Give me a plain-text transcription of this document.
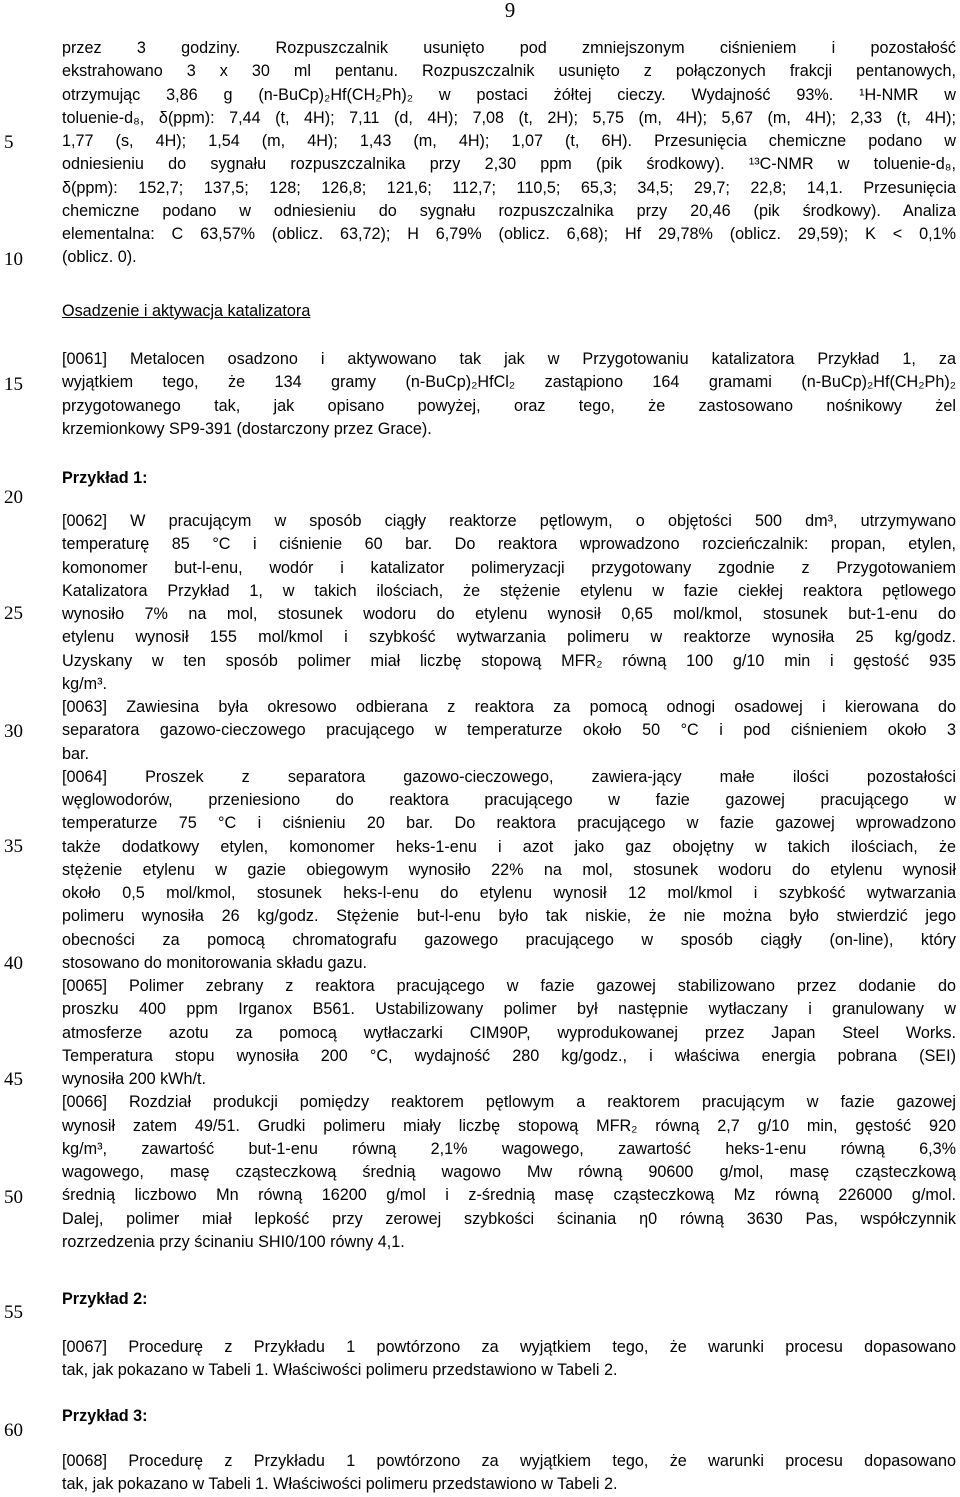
9
5
10
15
20
25
30
35
40
45
50
55
60
przez 3 godziny. Rozpuszczalnik usunięto pod zmniejszonym ciśnieniem i pozostałość
ekstrahowano 3 x 30 ml pentanu. Rozpuszczalnik usunięto z połączonych frakcji pentanowych,
otrzymując 3,86 g (n-BuCp)₂Hf(CH₂Ph)₂ w postaci żółtej cieczy. Wydajność 93%. ¹H-NMR w
toluenie-d₈, δ(ppm): 7,44 (t, 4H); 7,11 (d, 4H); 7,08 (t, 2H); 5,75 (m, 4H); 5,67 (m, 4H); 2,33 (t, 4H);
1,77 (s, 4H); 1,54 (m, 4H); 1,43 (m, 4H); 1,07 (t, 6H). Przesunięcia chemiczne podano w
odniesieniu do sygnału rozpuszczalnika przy 2,30 ppm (pik środkowy). ¹³C-NMR w toluenie-d₈,
δ(ppm): 152,7; 137,5; 128; 126,8; 121,6; 112,7; 110,5; 65,3; 34,5; 29,7; 22,8; 14,1. Przesunięcia
chemiczne podano w odniesieniu do sygnału rozpuszczalnika przy 20,46 (pik środkowy). Analiza
elementalna: C 63,57% (oblicz. 63,72); H 6,79% (oblicz. 6,68); Hf 29,78% (oblicz. 29,59); K < 0,1%
(oblicz. 0).
Osadzenie i aktywacja katalizatora
[0061] Metalocen osadzono i aktywowano tak jak w Przygotowaniu katalizatora Przykład 1, za
wyjątkiem tego, że 134 gramy (n-BuCp)₂HfCl₂ zastąpiono 164 gramami (n-BuCp)₂Hf(CH₂Ph)₂
przygotowanego tak, jak opisano powyżej, oraz tego, że zastosowano nośnikowy żel
krzemionkowy SP9-391 (dostarczony przez Grace).
Przykład 1:
[0062] W pracującym w sposób ciągły reaktorze pętlowym, o objętości 500 dm³, utrzymywano
temperaturę 85 °C i ciśnienie 60 bar. Do reaktora wprowadzono rozcieńczalnik: propan, etylen,
komonomer but-l-enu, wodór i katalizator polimeryzacji przygotowany zgodnie z Przygotowaniem
Katalizatora Przykład 1, w takich ilościach, że stężenie etylenu w fazie ciekłej reaktora pętlowego
wynosiło 7% na mol, stosunek wodoru do etylenu wynosił 0,65 mol/kmol, stosunek but-1-enu do
etylenu wynosił 155 mol/kmol i szybkość wytwarzania polimeru w reaktorze wynosiła 25 kg/godz.
Uzyskany w ten sposób polimer miał liczbę stopową MFR₂ równą 100 g/10 min i gęstość 935
kg/m³.
[0063] Zawiesina była okresowo odbierana z reaktora za pomocą odnogi osadowej i kierowana do
separatora gazowo-cieczowego pracującego w temperaturze około 50 °C i pod ciśnieniem około 3
bar.
[0064] Proszek z separatora gazowo-cieczowego, zawiera-jący małe ilości pozostałości
węglowodorów, przeniesiono do reaktora pracującego w fazie gazowej pracującego w
temperaturze 75 °C i ciśnieniu 20 bar. Do reaktora pracującego w fazie gazowej wprowadzono
także dodatkowy etylen, komonomer heks-1-enu i azot jako gaz obojętny w takich ilościach, że
stężenie etylenu w gazie obiegowym wynosiło 22% na mol, stosunek wodoru do etylenu wynosił
około 0,5 mol/kmol, stosunek heks-l-enu do etylenu wynosił 12 mol/kmol i szybkość wytwarzania
polimeru wynosiła 26 kg/godz. Stężenie but-l-enu było tak niskie, że nie można było stwierdzić jego
obecności za pomocą chromatografu gazowego pracującego w sposób ciągły (on-line), który
stosowano do monitorowania składu gazu.
[0065] Polimer zebrany z reaktora pracującego w fazie gazowej stabilizowano przez dodanie do
proszku 400 ppm Irganox B561. Ustabilizowany polimer był następnie wytłaczany i granulowany w
atmosferze azotu za pomocą wytłaczarki CIM90P, wyprodukowanej przez Japan Steel Works.
Temperatura stopu wynosiła 200 °C, wydajność 280 kg/godz., i właściwa energia pobrana (SEI)
wynosiła 200 kWh/t.
[0066] Rozdział produkcji pomiędzy reaktorem pętlowym a reaktorem pracującym w fazie gazowej
wynosił zatem 49/51. Grudki polimeru miały liczbę stopową MFR₂ równą 2,7 g/10 min, gęstość 920
kg/m³, zawartość but-1-enu równą 2,1% wagowego, zawartość heks-1-enu równą 6,3%
wagowego, masę cząsteczkową średnią wagowo Mw równą 90600 g/mol, masę cząsteczkową
średnią liczbowo Mn równą 16200 g/mol i z-średnią masę cząsteczkową Mz równą 226000 g/mol.
Dalej, polimer miał lepkość przy zerowej szybkości ścinania η0 równą 3630 Pas, współczynnik
rozrzedzenia przy ścinaniu SHI0/100 równy 4,1.
Przykład 2:
[0067] Procedurę z Przykładu 1 powtórzono za wyjątkiem tego, że warunki procesu dopasowano
tak, jak pokazano w Tabeli 1. Właściwości polimeru przedstawiono w Tabeli 2.
Przykład 3:
[0068] Procedurę z Przykładu 1 powtórzono za wyjątkiem tego, że warunki procesu dopasowano
tak, jak pokazano w Tabeli 1. Właściwości polimeru przedstawiono w Tabeli 2.
